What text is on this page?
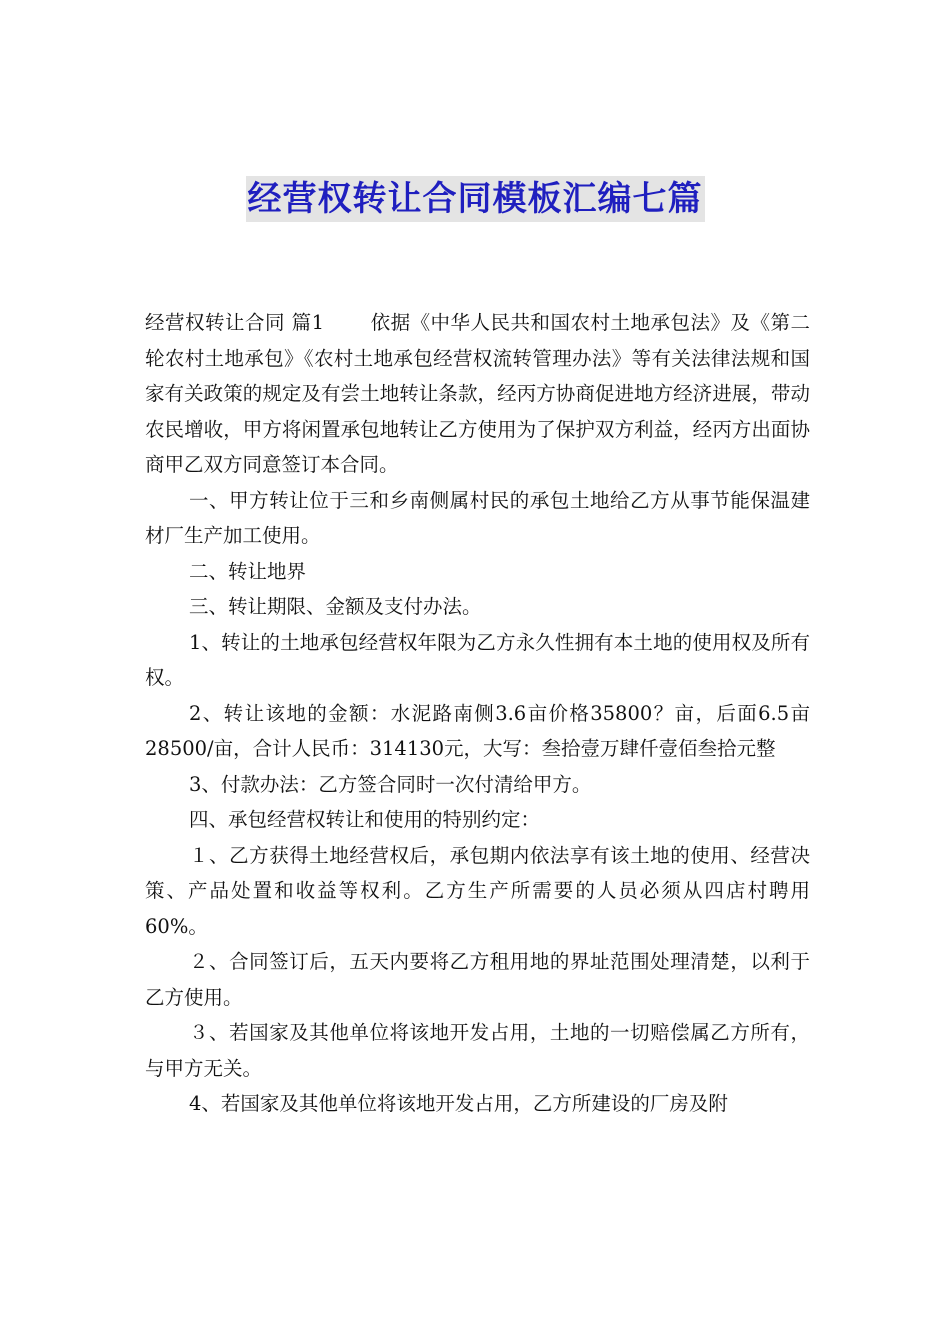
经营权转让合同模板汇编七篇

经营权转让合同 篇1 依据《中华人民共和国农村土地承包法》及《第二轮农村土地承包》《农村土地承包经营权流转管理办法》等有关法律法规和国家有关政策的规定及有尝土地转让条款，经丙方协商促进地方经济进展，带动农民增收，甲方将闲置承包地转让乙方使用为了保护双方利益，经丙方出面协商甲乙双方同意签订本合同。

一、甲方转让位于三和乡南侧属村民的承包土地给乙方从事节能保温建材厂生产加工使用。

二、转让地界

三、转让期限、金额及支付办法。

1、转让的土地承包经营权年限为乙方永久性拥有本土地的使用权及所有权。

2、转让该地的金额：水泥路南侧3.6亩价格35800？亩，后面6.5亩28500/亩，合计人民币：314130元，大写：叁拾壹万肆仟壹佰叁拾元整

3、付款办法：乙方签合同时一次付清给甲方。

四、承包经营权转让和使用的特别约定：

１、乙方获得土地经营权后，承包期内依法享有该土地的使用、经营决策、产品处置和收益等权利。乙方生产所需要的人员必须从四店村聘用60%。

２、合同签订后，五天内要将乙方租用地的界址范围处理清楚，以利于乙方使用。

３、若国家及其他单位将该地开发占用，土地的一切赔偿属乙方所有，与甲方无关。

4、若国家及其他单位将该地开发占用，乙方所建设的厂房及附
